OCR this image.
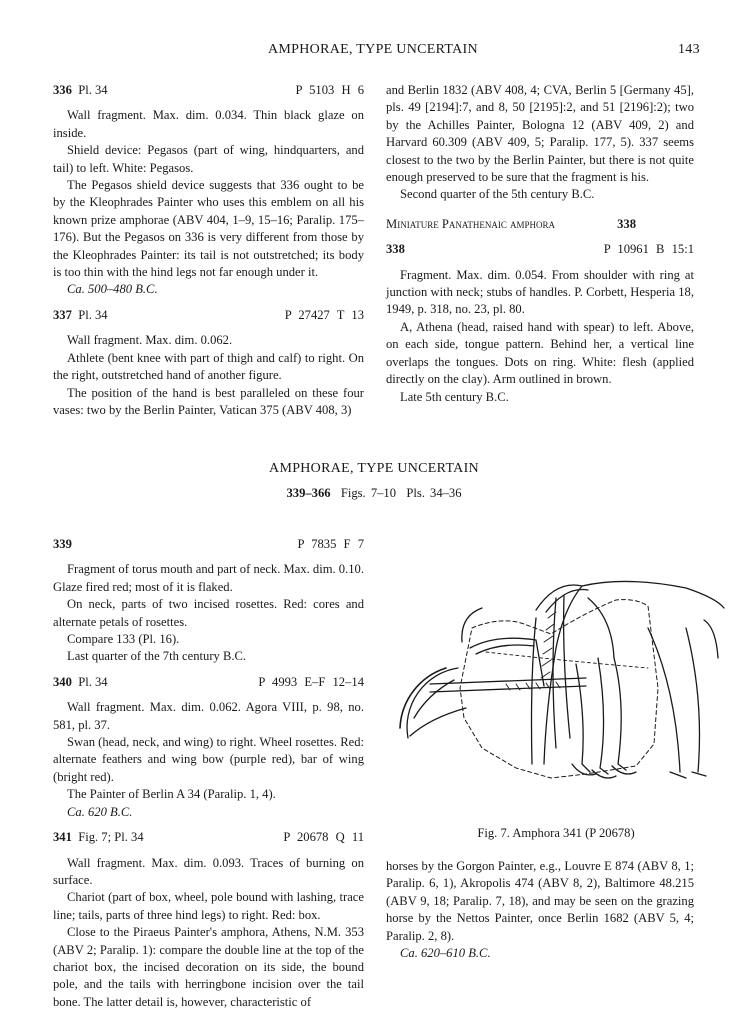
AMPHORAE, TYPE UNCERTAIN	143
336 Pl. 34	P 5103 H 6

Wall fragment. Max. dim. 0.034. Thin black glaze on inside.

Shield device: Pegasos (part of wing, hindquarters, and tail) to left. White: Pegasos.

The Pegasos shield device suggests that 336 ought to be by the Kleophrades Painter who uses this emblem on all his known prize amphorae (ABV 404, 1–9, 15–16; Paralip. 175–176). But the Pegasos on 336 is very different from those by the Kleophrades Painter: its tail is not outstretched; its body is too thin with the hind legs not far enough under it.

Ca. 500–480 B.C.

337 Pl. 34	P 27427 T 13

Wall fragment. Max. dim. 0.062.

Athlete (bent knee with part of thigh and calf) to right. On the right, outstretched hand of another figure.

The position of the hand is best paralleled on these four vases: two by the Berlin Painter, Vatican 375 (ABV 408, 3)

and Berlin 1832 (ABV 408, 4; CVA, Berlin 5 [Germany 45], pls. 49 [2194]:7, and 8, 50 [2195]:2, and 51 [2196]:2); two by the Achilles Painter, Bologna 12 (ABV 409, 2) and Harvard 60.309 (ABV 409, 5; Paralip. 177, 5). 337 seems closest to the two by the Berlin Painter, but there is not quite enough preserved to be sure that the fragment is his.

Second quarter of the 5th century B.C.

Miniature Panathenaic amphora	338
338	P 10961 B 15:1

Fragment. Max. dim. 0.054. From shoulder with ring at junction with neck; stubs of handles. P. Corbett, Hesperia 18, 1949, p. 318, no. 23, pl. 80.

A, Athena (head, raised hand with spear) to left. Above, on each side, tongue pattern. Behind her, a vertical line overlaps the tongues. Dots on ring. White: flesh (applied directly on the clay). Arm outlined in brown.

Late 5th century B.C.

AMPHORAE, TYPE UNCERTAIN
339–366 Figs. 7–10 Pls. 34–36
339	P 7835 F 7

Fragment of torus mouth and part of neck. Max. dim. 0.10. Glaze fired red; most of it is flaked.

On neck, parts of two incised rosettes. Red: cores and alternate petals of rosettes.

Compare 133 (Pl. 16).

Last quarter of the 7th century B.C.

340 Pl. 34	P 4993 E–F 12–14

Wall fragment. Max. dim. 0.062. Agora VIII, p. 98, no. 581, pl. 37.

Swan (head, neck, and wing) to right. Wheel rosettes. Red: alternate feathers and wing bow (purple red), bar of wing (bright red).

The Painter of Berlin A 34 (Paralip. 1, 4).

Ca. 620 B.C.

341 Fig. 7; Pl. 34	P 20678 Q 11

Wall fragment. Max. dim. 0.093. Traces of burning on surface.

Chariot (part of box, wheel, pole bound with lashing, trace line; tails, parts of three hind legs) to right. Red: box.

Close to the Piraeus Painter's amphora, Athens, N.M. 353 (ABV 2; Paralip. 1): compare the double line at the top of the chariot box, the incised decoration on its side, the bound pole, and the tails with herringbone incision over the tail bone. The latter detail is, however, characteristic of

Fig. 7. Amphora 341 (P 20678)

horses by the Gorgon Painter, e.g., Louvre E 874 (ABV 8, 1; Paralip. 6, 1), Akropolis 474 (ABV 8, 2), Baltimore 48.215 (ABV 9, 18; Paralip. 7, 18), and may be seen on the grazing horse by the Nettos Painter, once Berlin 1682 (ABV 5, 4; Paralip. 2, 8).

Ca. 620–610 B.C.
